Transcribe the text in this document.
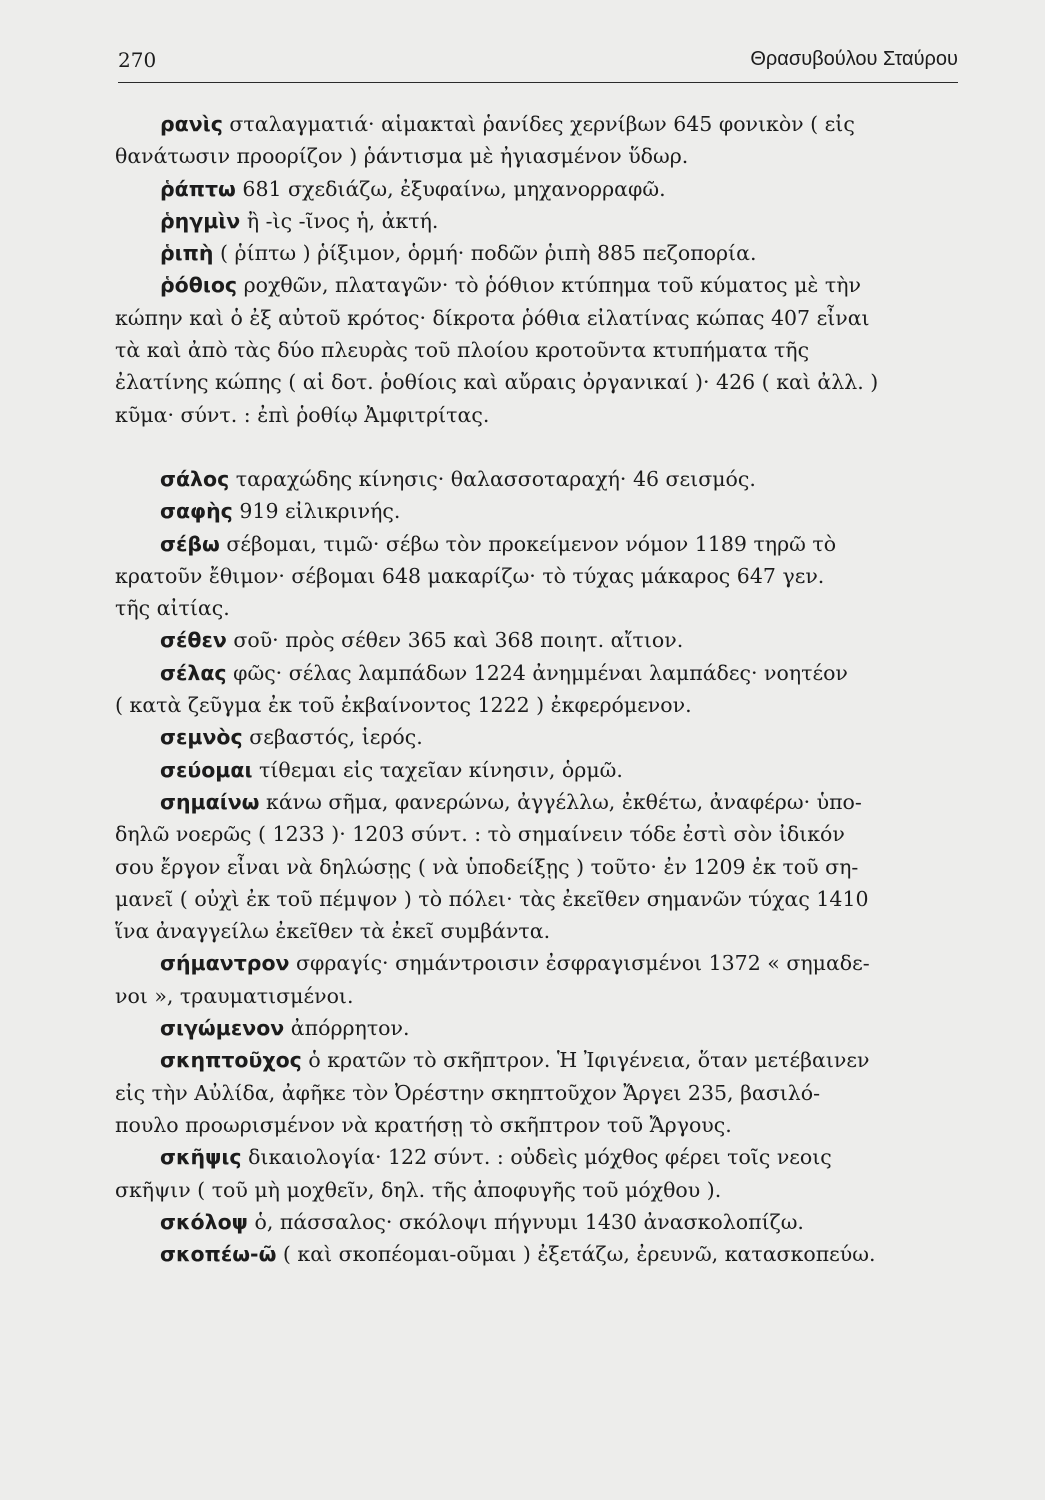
270	Θρασυβούλου Σταύρου
ρανὶς σταλαγματιά· αἱμακταὶ ῥανίδες χερνίβων 645 φονικὸν ( εἰς
θανάτωσιν προορίζον ) ῥάντισμα μὲ ἠγιασμένον ὕδωρ.
ῥάπτω 681 σχεδιάζω, ἐξυφαίνω, μηχανορραφῶ.
ῥηγμὶν ἢ -ὶς -ῖνος ἡ, ἀκτή.
ῥιπὴ ( ῥίπτω ) ῥίξιμον, ὁρμή· ποδῶν ῥιπὴ 885 πεζοπορία.
ῥόθιος ροχθῶν, πλαταγῶν· τὸ ῥόθιον κτύπημα τοῦ κύματος μὲ τὴν
κώπην καὶ ὁ ἐξ αὐτοῦ κρότος· δίκροτα ῥόθια εἰλατίνας κώπας 407 εἶναι
τὰ καὶ ἀπὸ τὰς δύο πλευρὰς τοῦ πλοίου κροτοῦντα κτυπήματα τῆς
ἐλατίνης κώπης ( αἱ δοτ. ῥοθίοις καὶ αὔραις ὀργανικαί )· 426 ( καὶ ἀλλ. )
κῦμα· σύντ. : ἐπὶ ῥοθίῳ Ἀμφιτρίτας.
σάλος ταραχώδης κίνησις· θαλασσοταραχή· 46 σεισμός.
σαφὴς 919 εἰλικρινής.
σέβω σέβομαι, τιμῶ· σέβω τὸν προκείμενον νόμον 1189 τηρῶ τὸ
κρατοῦν ἔθιμον· σέβομαι 648 μακαρίζω· τὸ τύχας μάκαρος 647 γεν.
τῆς αἰτίας.
σέθεν σοῦ· πρὸς σέθεν 365 καὶ 368 ποιητ. αἴτιον.
σέλας φῶς· σέλας λαμπάδων 1224 ἀνημμέναι λαμπάδες· νοητέον
( κατὰ ζεῦγμα ἐκ τοῦ ἐκβαίνοντος 1222 ) ἐκφερόμενον.
σεμνὸς σεβαστός, ἱερός.
σεύομαι τίθεμαι εἰς ταχεῖαν κίνησιν, ὁρμῶ.
σημαίνω κάνω σῆμα, φανερώνω, ἀγγέλλω, ἐκθέτω, ἀναφέρω· ὑπο-
δηλῶ νοερῶς ( 1233 )· 1203 σύντ. : τὸ σημαίνειν τόδε ἐστὶ σὸν ἰδικόν
σου ἔργον εἶναι νὰ δηλώσῃς ( νὰ ὑποδείξῃς ) τοῦτο· ἐν 1209 ἐκ τοῦ ση-
μανεῖ ( οὐχὶ ἐκ τοῦ πέμψον ) τὸ πόλει· τὰς ἐκεῖθεν σημανῶν τύχας 1410
ἵνα ἀναγγείλω ἐκεῖθεν τὰ ἐκεῖ συμβάντα.
σήμαντρον σφραγίς· σημάντροισιν ἐσφραγισμένοι 1372 « σημαδε-
νοι », τραυματισμένοι.
σιγώμενον ἀπόρρητον.
σκηπτοῦχος ὁ κρατῶν τὸ σκῆπτρον. Ἡ Ἰφιγένεια, ὅταν μετέβαινεν
εἰς τὴν Αὐλίδα, ἀφῆκε τὸν Ὀρέστην σκηπτοῦχον Ἄργει 235, βασιλό-
πουλο προωρισμένον νὰ κρατήσῃ τὸ σκῆπτρον τοῦ Ἄργους.
σκῆψις δικαιολογία· 122 σύντ. : οὐδεὶς μόχθος φέρει τοῖς νεοις
σκῆψιν ( τοῦ μὴ μοχθεῖν, δηλ. τῆς ἀποφυγῆς τοῦ μόχθου ).
σκόλοψ ὁ, πάσσαλος· σκόλοψι πήγνυμι 1430 ἀνασκολοπίζω.
σκοπέω-ῶ ( καὶ σκοπέομαι-οῦμαι ) ἐξετάζω, ἐρευνῶ, κατασκοπεύω.
